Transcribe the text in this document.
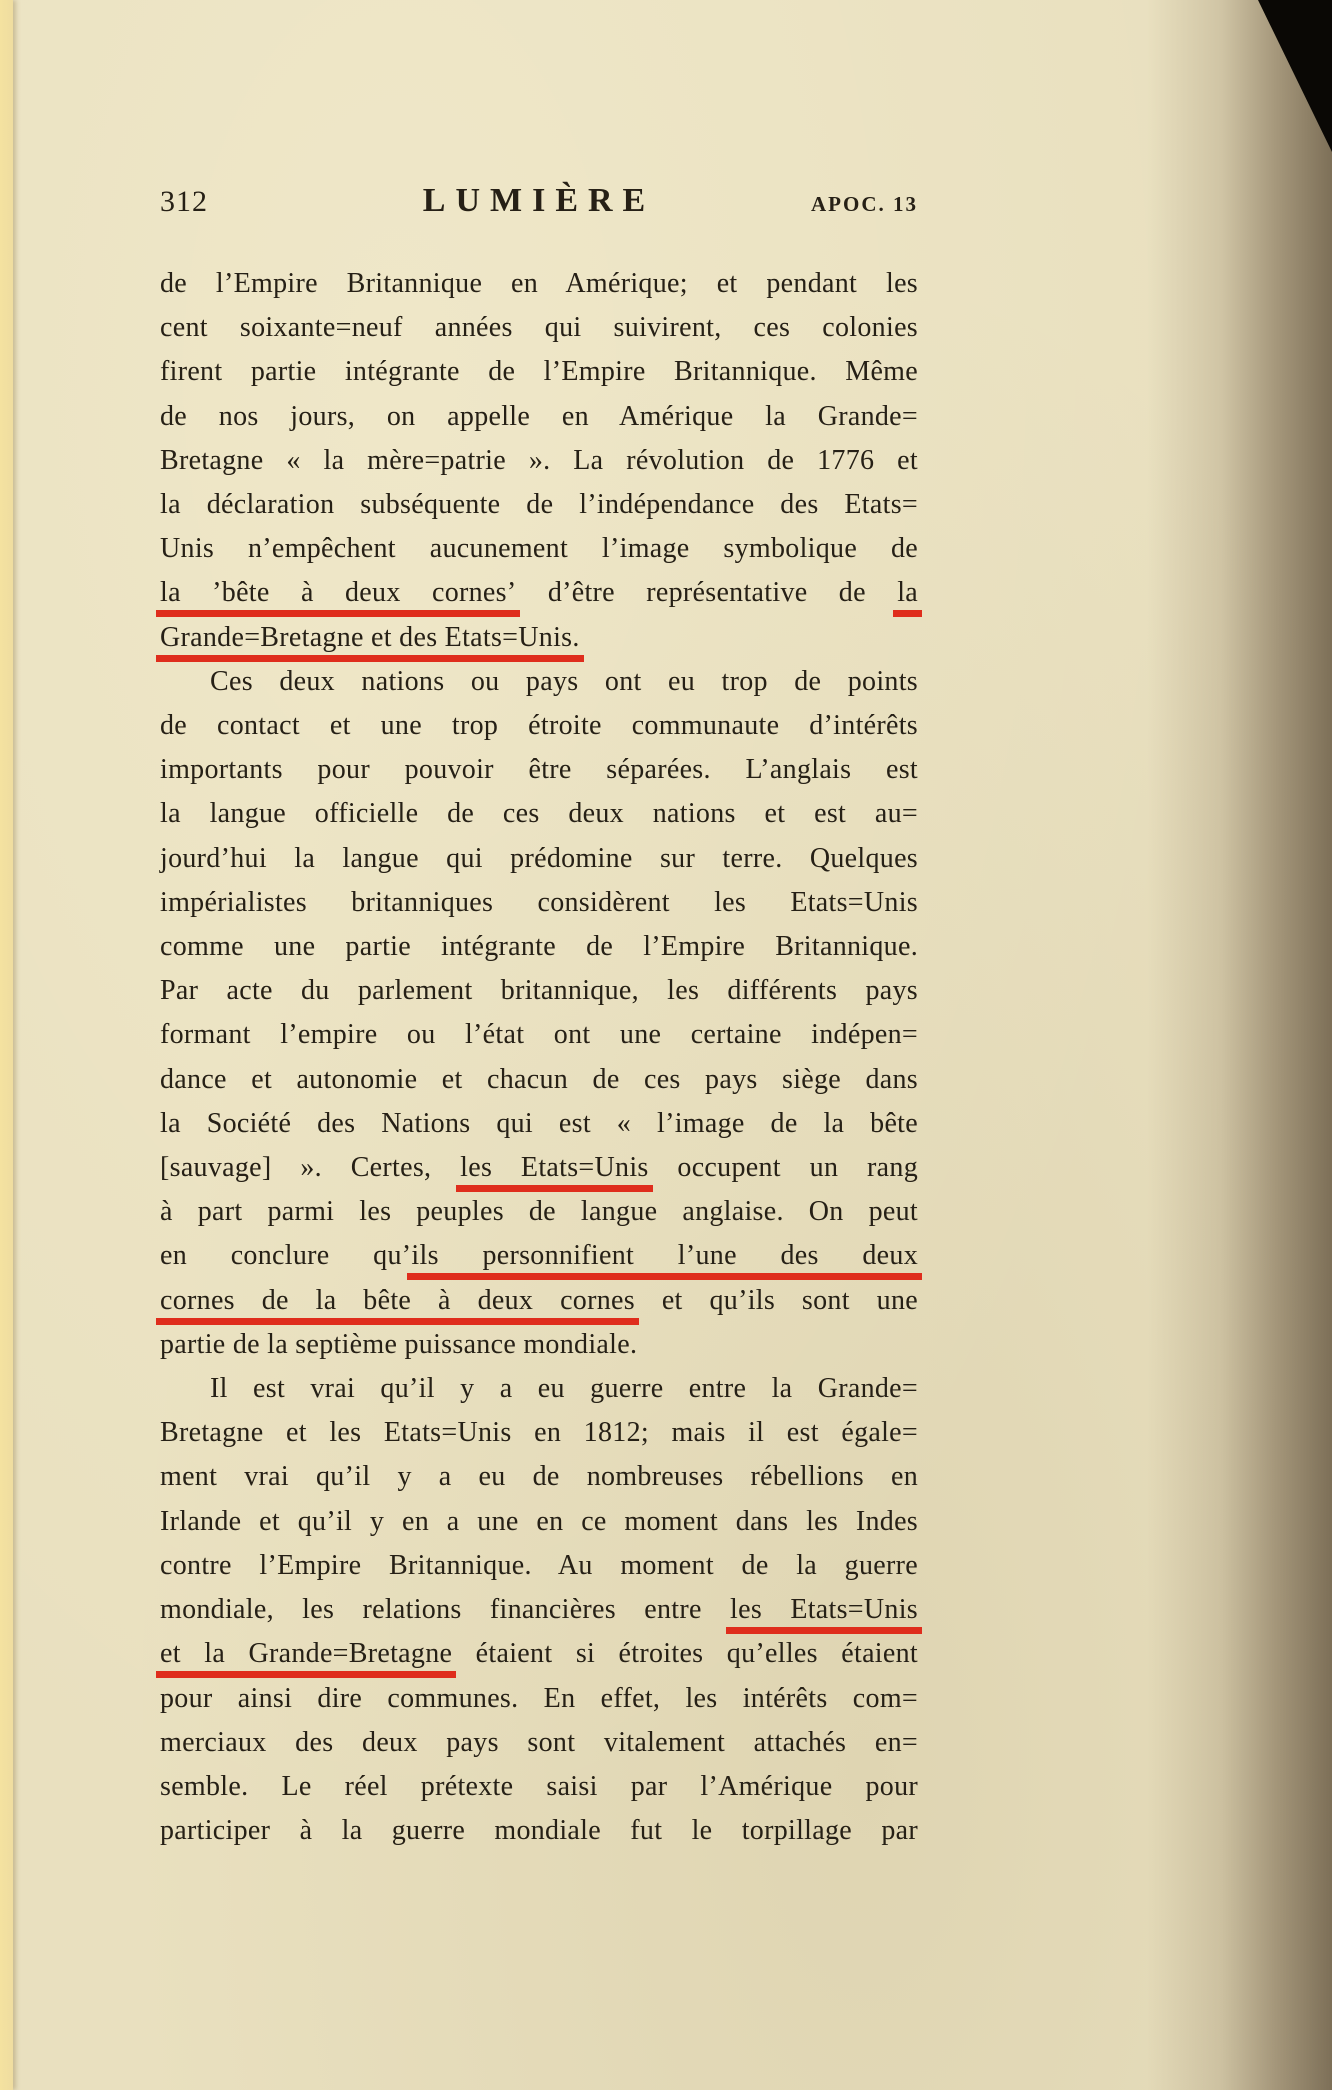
312	LUMIÈRE	APOC. 13
de l’Empire Britannique en Amérique; et pendant les
cent soixante=neuf années qui suivirent, ces colonies
firent partie intégrante de l’Empire Britannique. Même
de nos jours, on appelle en Amérique la Grande=
Bretagne « la mère=patrie ». La révolution de 1776 et
la déclaration subséquente de l’indépendance des Etats=
Unis n’empêchent aucunement l’image symbolique de
la ’bête à deux cornes’ d’être représentative de la
Grande=Bretagne et des Etats=Unis.
Ces deux nations ou pays ont eu trop de points
de contact et une trop étroite communaute d’intérêts
importants pour pouvoir être séparées. L’anglais est
la langue officielle de ces deux nations et est au=
jourd’hui la langue qui prédomine sur terre. Quelques
impérialistes britanniques considèrent les Etats=Unis
comme une partie intégrante de l’Empire Britannique.
Par acte du parlement britannique, les différents pays
formant l’empire ou l’état ont une certaine indépen=
dance et autonomie et chacun de ces pays siège dans
la Société des Nations qui est « l’image de la bête
[sauvage] ». Certes, les Etats=Unis occupent un rang
à part parmi les peuples de langue anglaise. On peut
en conclure qu’ils personnifient l’une des deux
cornes de la bête à deux cornes et qu’ils sont une
partie de la septième puissance mondiale.
Il est vrai qu’il y a eu guerre entre la Grande=
Bretagne et les Etats=Unis en 1812; mais il est égale=
ment vrai qu’il y a eu de nombreuses rébellions en
Irlande et qu’il y en a une en ce moment dans les Indes
contre l’Empire Britannique. Au moment de la guerre
mondiale, les relations financières entre les Etats=Unis
et la Grande=Bretagne étaient si étroites qu’elles étaient
pour ainsi dire communes. En effet, les intérêts com=
merciaux des deux pays sont vitalement attachés en=
semble. Le réel prétexte saisi par l’Amérique pour
participer à la guerre mondiale fut le torpillage par
